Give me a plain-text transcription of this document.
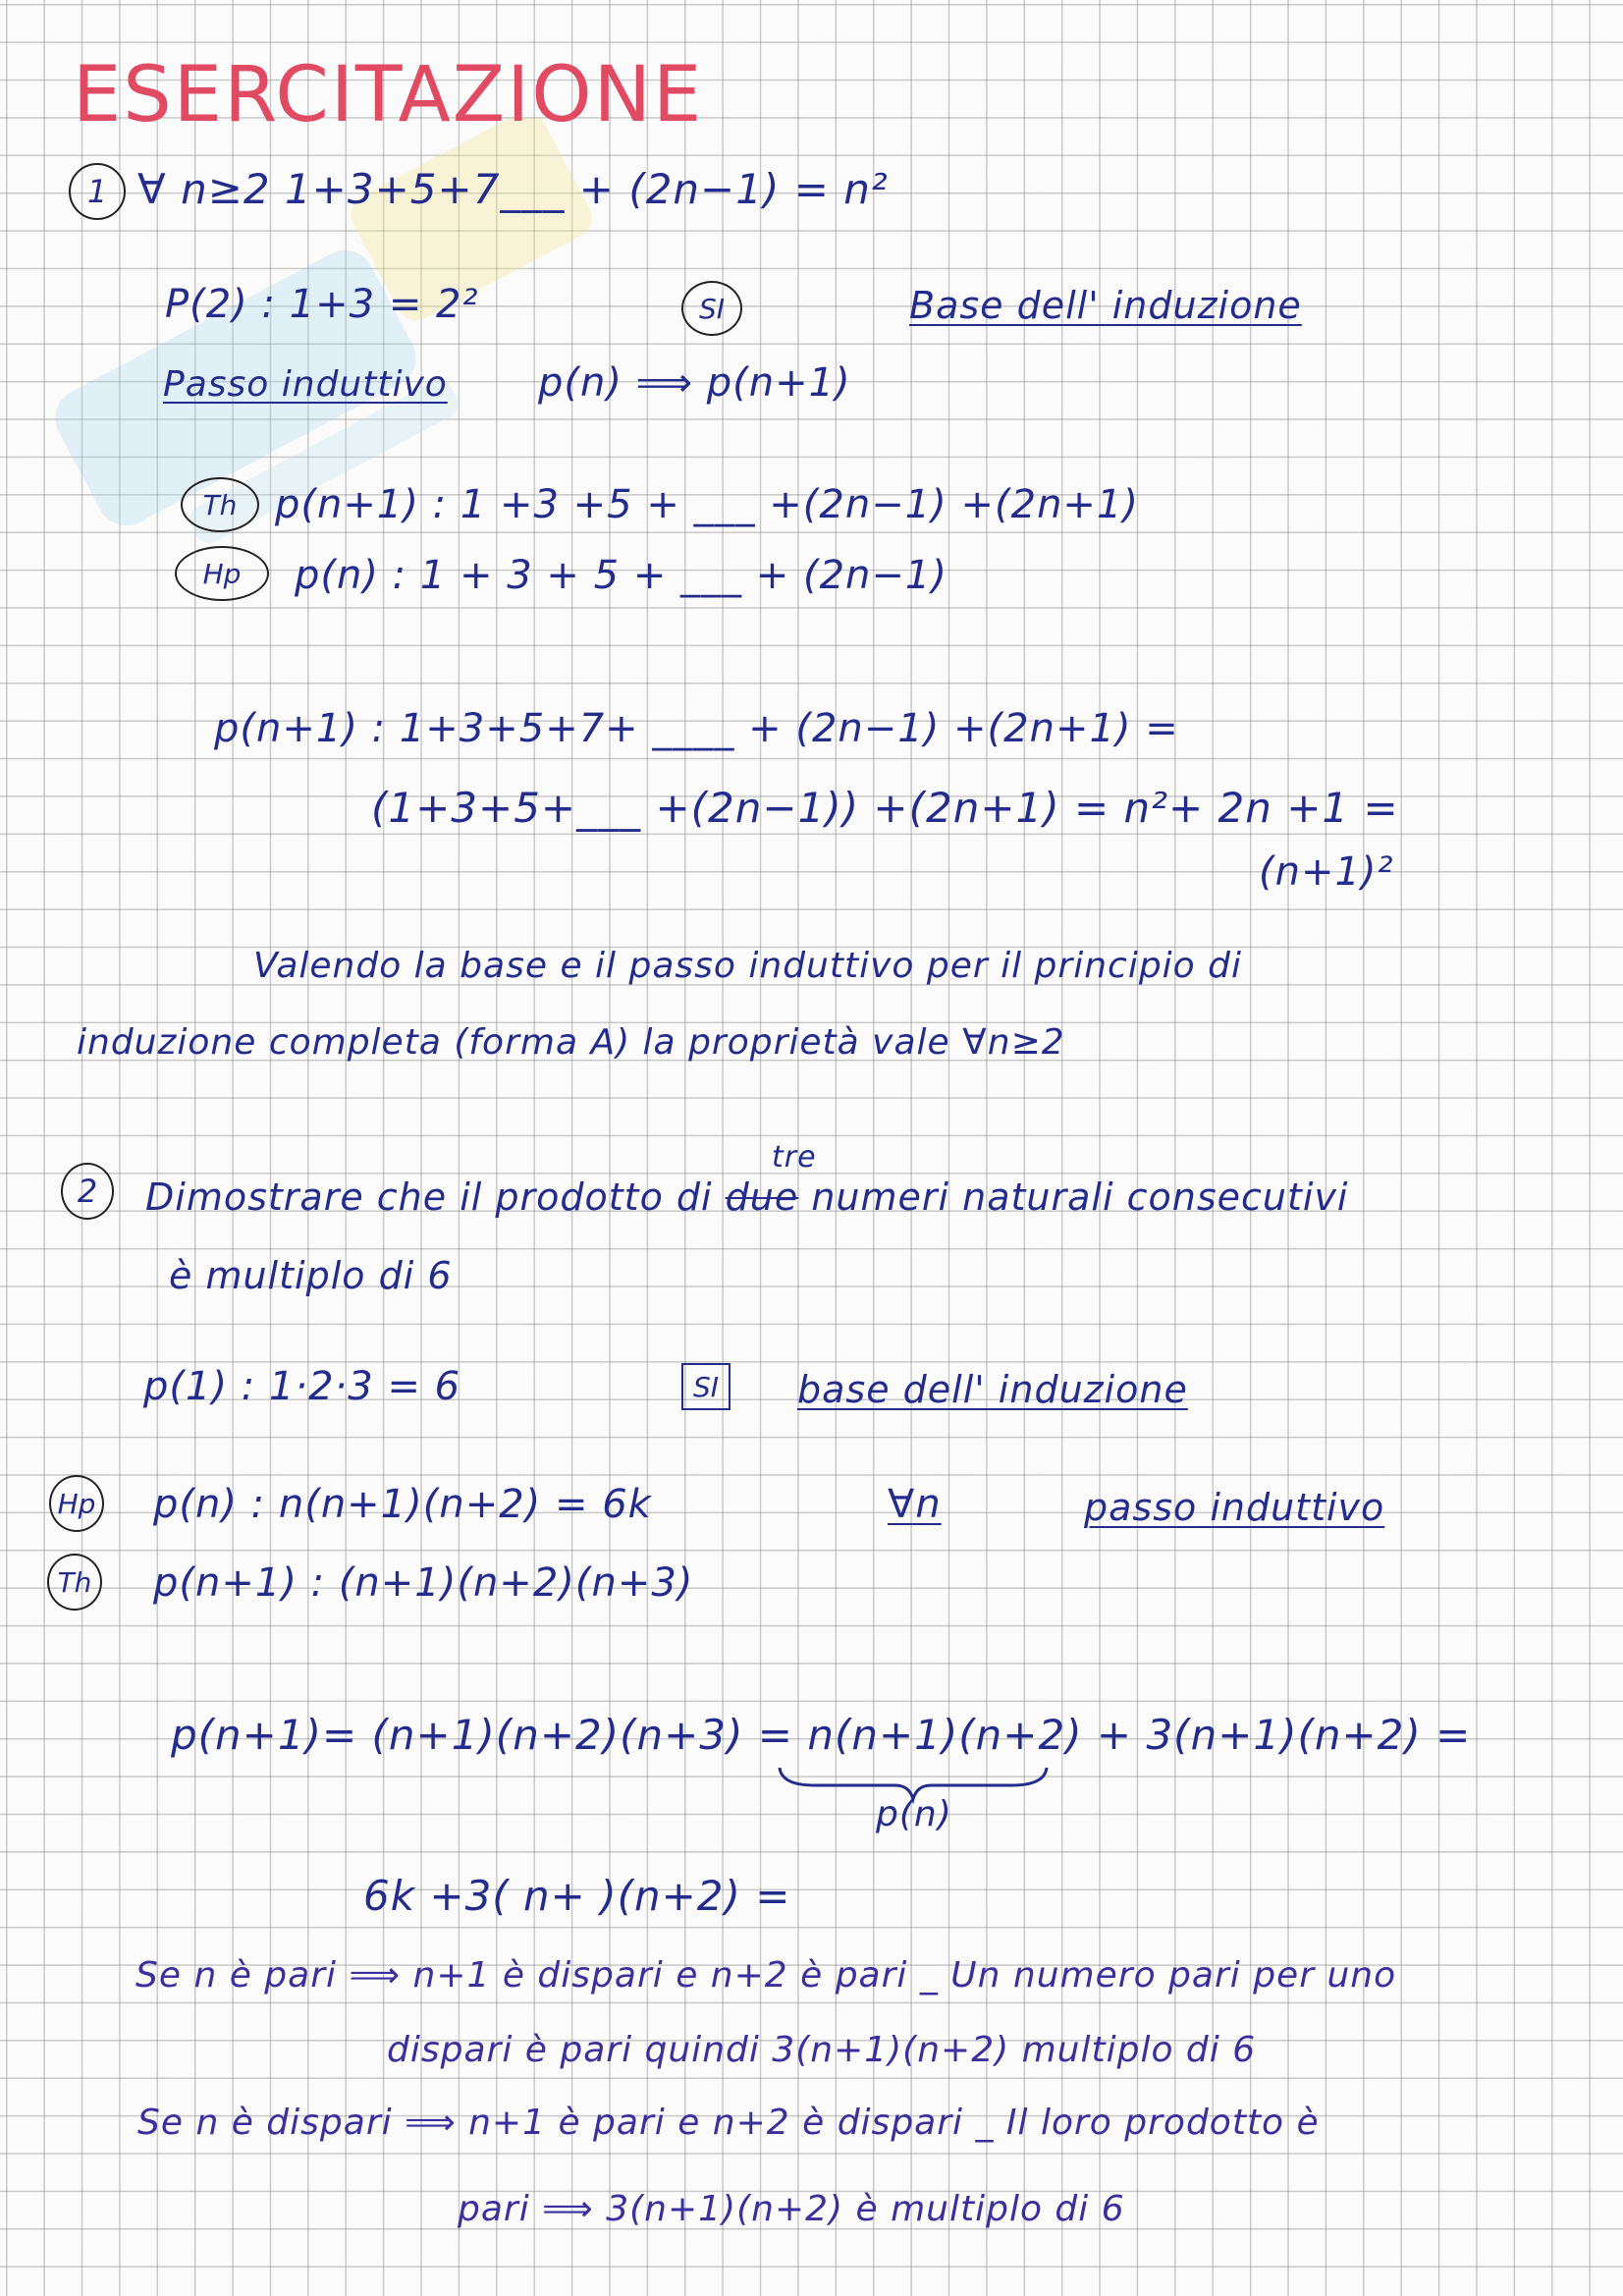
ESERCITAZIONE
1 ∀ n≥2 1+3+5+7___ + (2n−1) = n²
P(2) : 1+3 = 2²	SI	Base dell' induzione
Passo induttivo p(n) ⟹ p(n+1)
Th p(n+1) : 1 +3 +5 + ___ +(2n−1) +(2n+1)
Hp p(n) : 1 + 3 + 5 + ___ + (2n−1)
p(n+1) : 1+3+5+7+ ____ + (2n−1) +(2n+1) =
(1+3+5+___ +(2n−1)) +(2n+1) = n²+ 2n +1 =
(n+1)²
Valendo la base e il passo induttivo per il principio di
induzione completa (forma A) la proprietà vale ∀n≥2
2
tre
Dimostrare che il prodotto di due numeri naturali consecutivi
è multiplo di 6
p(1) : 1·2·3 = 6	SI base dell' induzione
Hp p(n) : n(n+1)(n+2) = 6k	∀n	passo induttivo
Th p(n+1) : (n+1)(n+2)(n+3)
p(n+1)= (n+1)(n+2)(n+3) = n(n+1)(n+2) + 3(n+1)(n+2) =
p(n)
6k +3( n+ )(n+2) =
Se n è pari ⟹ n+1 è dispari e n+2 è pari _ Un numero pari per uno
dispari è pari quindi 3(n+1)(n+2) multiplo di 6
Se n è dispari ⟹ n+1 è pari e n+2 è dispari _ Il loro prodotto è
pari ⟹ 3(n+1)(n+2) è multiplo di 6
